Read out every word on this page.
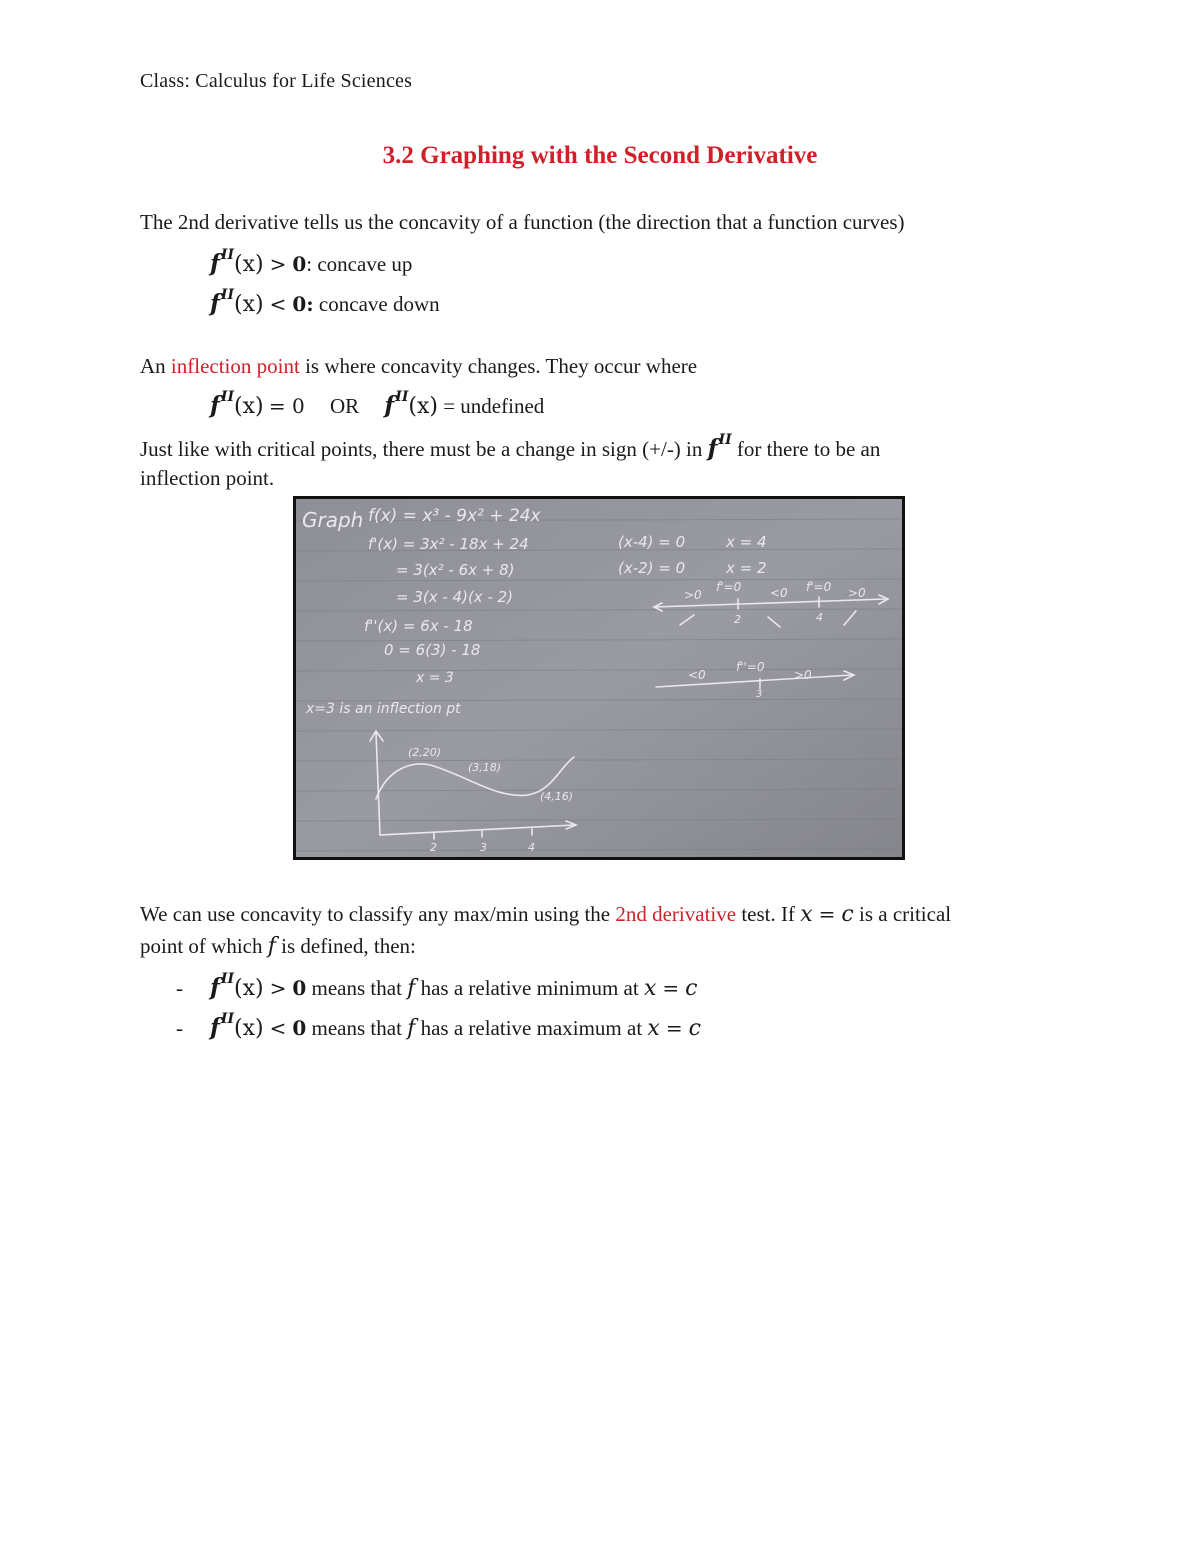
Class: Calculus for Life Sciences
3.2 Graphing with the Second Derivative
The 2nd derivative tells us the concavity of a function (the direction that a function curves)
$f^{II}(x) > 0$: concave up
$f^{II}(x) < 0$: concave down
An inflection point is where concavity changes. They occur where
$f^{II}(x) = 0$ OR $f^{II}(x)$ = undefined
Just like with critical points, there must be a change in sign (+/-) in $f^{II}$ for there to be an
inflection point.
Graph f(x) = x³ - 9x² + 24x
f'(x) = 3x² - 18x + 24
= 3(x² - 6x + 8)
= 3(x - 4)(x - 2)
f''(x) = 6x - 18
0 = 6(3) - 18
x = 3
x=3 is an inflection pt
(x-4) = 0
(x-2) = 0
x = 4
x = 2
>0
f'=0 <0 f'=0 >0
2	4
<0
f''=0
>0
3
(2,20)
(3,18)
(4,16)
2	3	4
We can use concavity to classify any max/min using the 2nd derivative test. If x = c is a critical
point of which f is defined, then:
- $f^{II}(x) > 0$ means that f has a relative minimum at x = c
- $f^{II}(x) < 0$ means that f has a relative maximum at x = c
